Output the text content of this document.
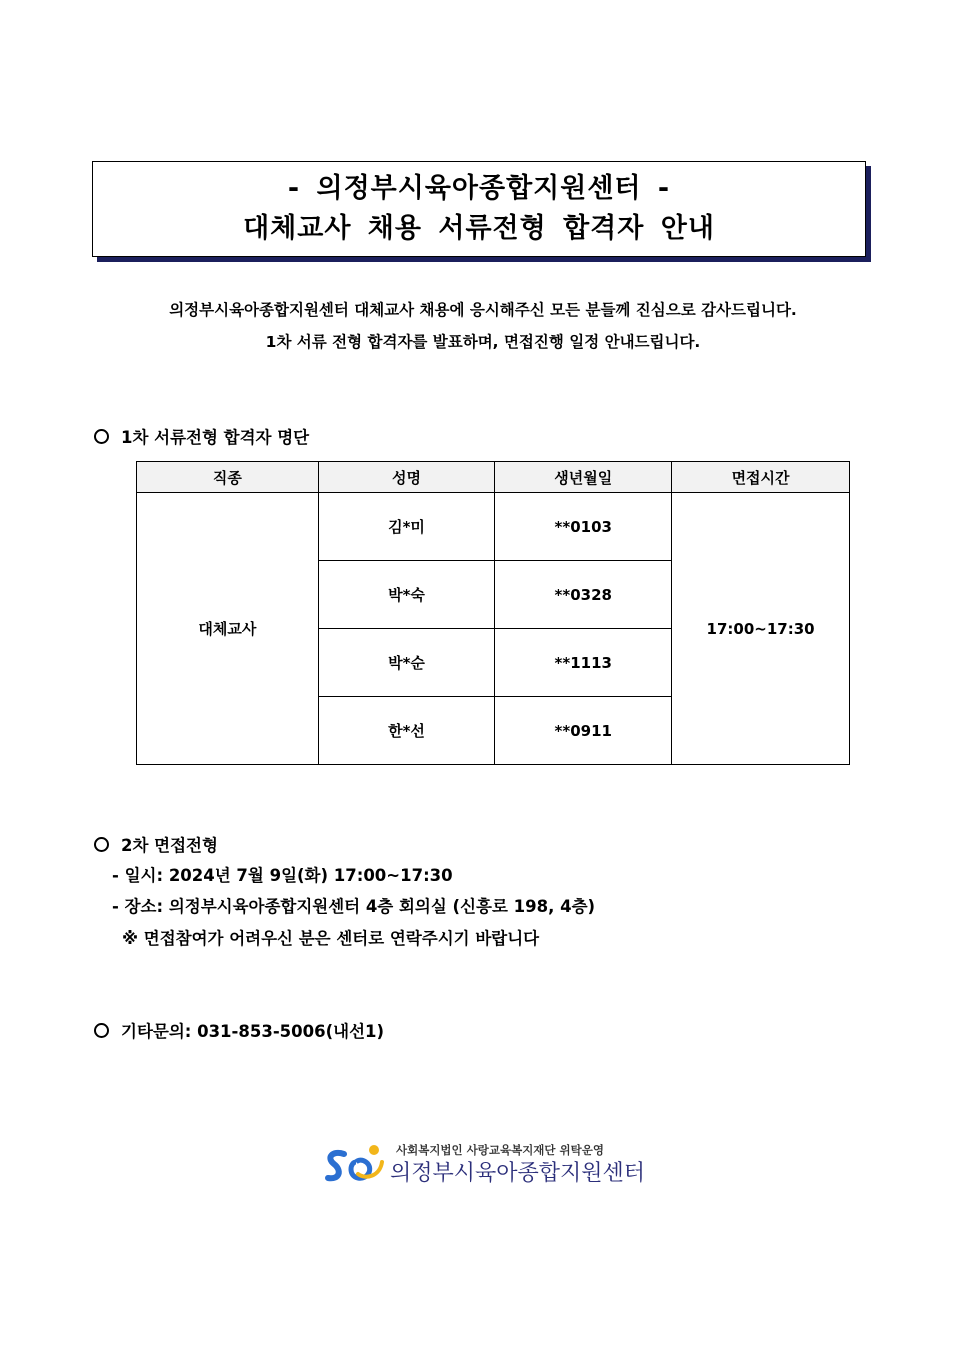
- 의정부시육아종합지원센터 -
대체교사 채용 서류전형 합격자 안내
의정부시육아종합지원센터 대체교사 채용에 응시해주신 모든 분들께 진심으로 감사드립니다.
1차 서류 전형 합격자를 발표하며, 면접진행 일정 안내드립니다.
1차 서류전형 합격자 명단
직종	성명	생년월일	면접시간
대체교사	김*미	**0103	17:00~17:30
	박*숙	**0328	
	박*순	**1113	
	한*선	**0911	
2차 면접전형
- 일시: 2024년 7월 9일(화) 17:00~17:30
- 장소: 의정부시육아종합지원센터 4층 회의실 (신흥로 198, 4층)
※ 면접참여가 어려우신 분은 센터로 연락주시기 바랍니다
기타문의: 031-853-5006(내선1)
사회복지법인 사랑교육복지재단 위탁운영
의정부시육아종합지원센터
